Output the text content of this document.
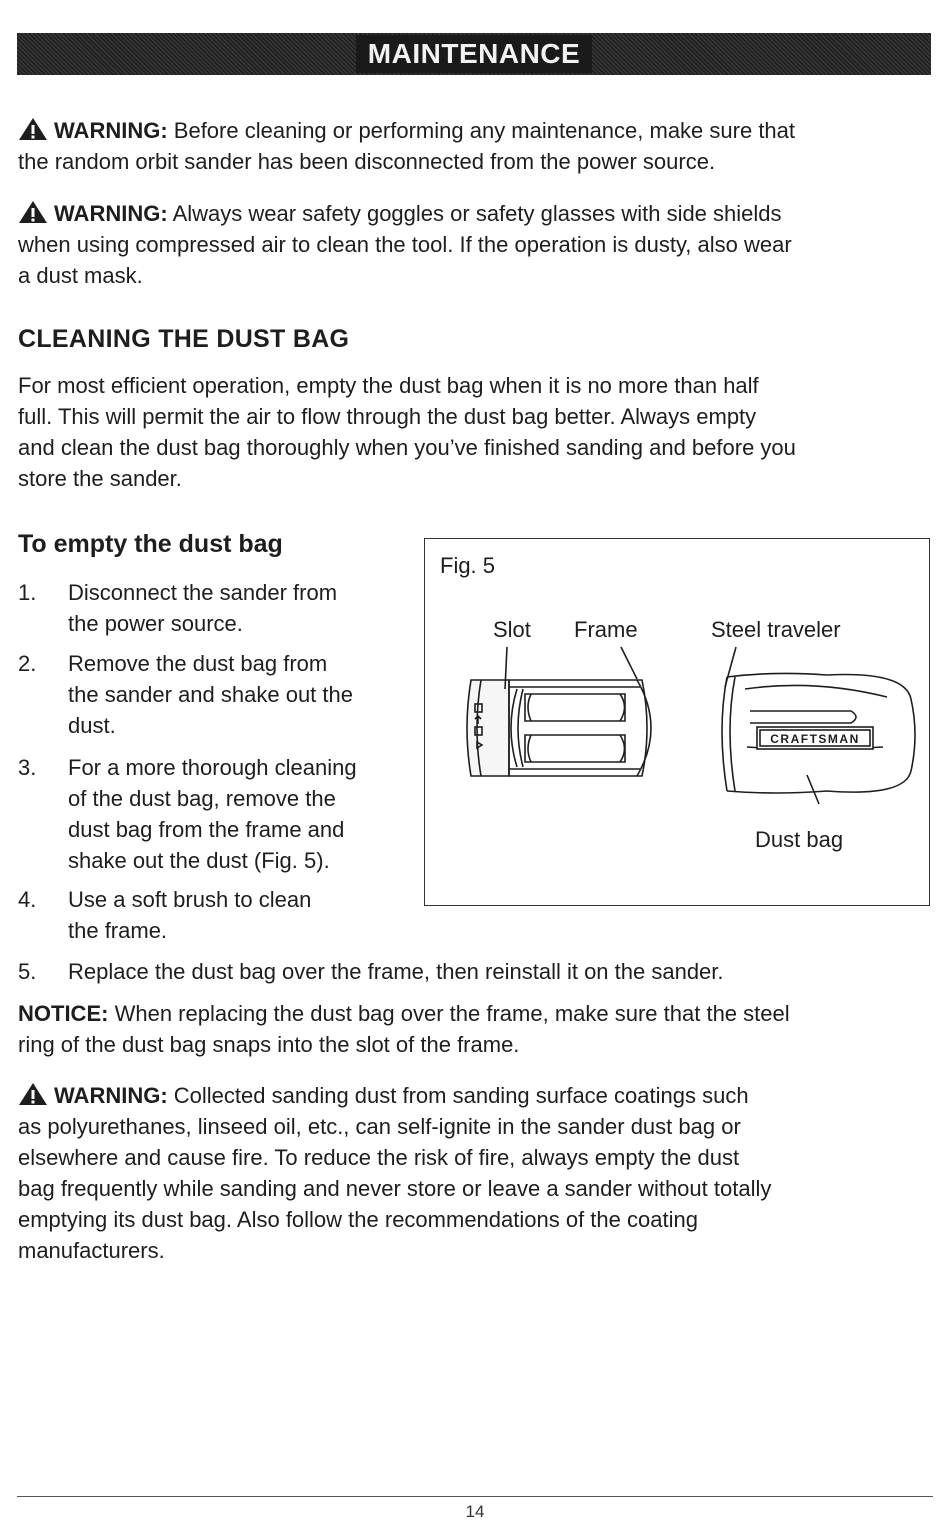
MAINTENANCE
WARNING: Before cleaning or performing any maintenance, make sure that
the random orbit sander has been disconnected from the power source.
WARNING: Always wear safety goggles or safety glasses with side shields
when using compressed air to clean the tool. If the operation is dusty, also wear
a dust mask.
CLEANING THE DUST BAG
For most efficient operation, empty the dust bag when it is no more than half
full. This will permit the air to flow through the dust bag better. Always empty
and clean the dust bag thoroughly when you’ve finished sanding and before you
store the sander.
To empty the dust bag
1.	Disconnect the sander from
the power source.
2.	Remove the dust bag from
the sander and shake out the
dust.
3.	For a more thorough cleaning
of the dust bag, remove the
dust bag from the frame and
shake out the dust (Fig. 5).
4.	Use a soft brush to clean
the frame.
5.	Replace the dust bag over the frame, then reinstall it on the sander.
CRAFTSMAN
Fig. 5
Slot Frame	Steel traveler
Dust bag
NOTICE: When replacing the dust bag over the frame, make sure that the steel
ring of the dust bag snaps into the slot of the frame.
WARNING: Collected sanding dust from sanding surface coatings such
as polyurethanes, linseed oil, etc., can self-ignite in the sander dust bag or
elsewhere and cause fire. To reduce the risk of fire, always empty the dust
bag frequently while sanding and never store or leave a sander without totally
emptying its dust bag. Also follow the recommendations of the coating
manufacturers.
14
